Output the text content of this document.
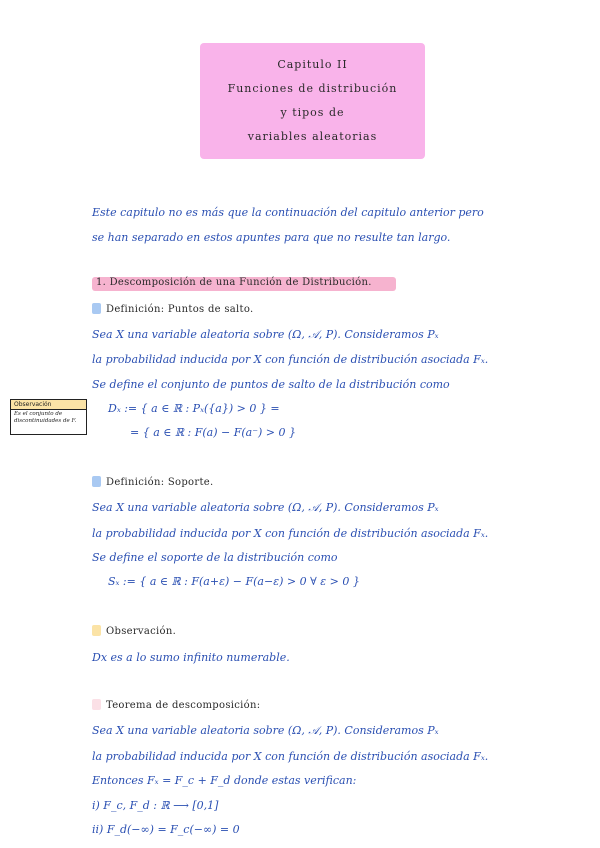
Capitulo II
Funciones de distribución
y tipos de
variables aleatorias
Este capitulo no es más que la continuación del capitulo anterior pero
se han separado en estos apuntes para que no resulte tan largo.
1. Descomposición de una Función de Distribución.
Definición: Puntos de salto.
Sea X una variable aleatoria sobre (Ω, 𝒜, P). Consideramos Pₓ
la probabilidad inducida por X con función de distribución asociada Fₓ.
Se define el conjunto de puntos de salto de la distribución como
Dₓ := { a ∈ ℝ : Pₓ({a}) > 0 } =
= { a ∈ ℝ : F(a) − F(a⁻) > 0 }
Observación
Es el conjunto de discontinuidades de F.
Definición: Soporte.
Sea X una variable aleatoria sobre (Ω, 𝒜, P). Consideramos Pₓ
la probabilidad inducida por X con función de distribución asociada Fₓ.
Se define el soporte de la distribución como
Sₓ := { a ∈ ℝ : F(a+ε) − F(a−ε) > 0 ∀ ε > 0 }
Observación.
Dx es a lo sumo infinito numerable.
Teorema de descomposición:
Sea X una variable aleatoria sobre (Ω, 𝒜, P). Consideramos Pₓ
la probabilidad inducida por X con función de distribución asociada Fₓ.
Entonces Fₓ = F_c + F_d donde estas verifican:
i) F_c, F_d : ℝ ⟶ [0,1]
ii) F_d(−∞) = F_c(−∞) = 0
